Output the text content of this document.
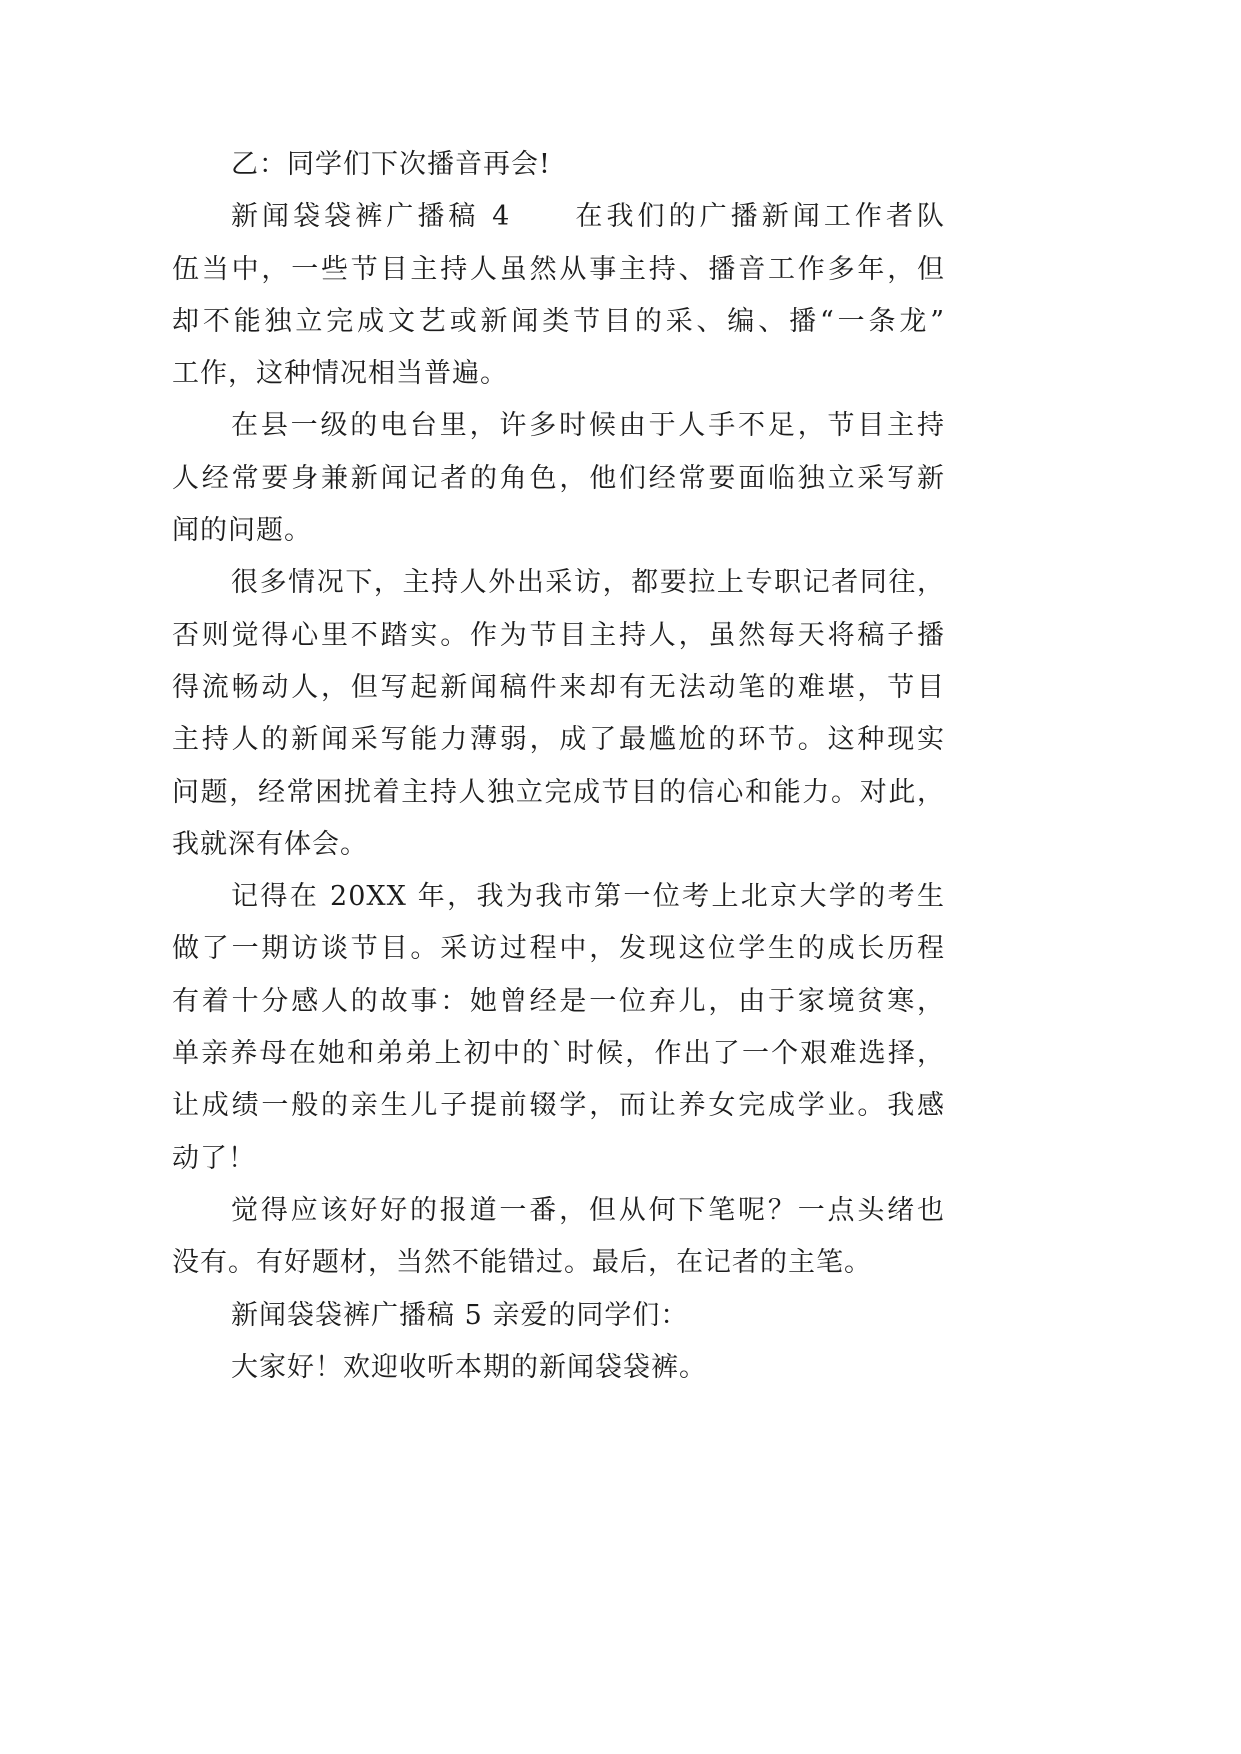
乙：同学们下次播音再会!
新闻袋袋裤广播稿 4　　在我们的广播新闻工作者队
伍当中，一些节目主持人虽然从事主持、播音工作多年，但
却不能独立完成文艺或新闻类节目的采、编、播“一条龙”
工作，这种情况相当普遍。
在县一级的电台里，许多时候由于人手不足，节目主持
人经常要身兼新闻记者的角色，他们经常要面临独立采写新
闻的问题。
很多情况下，主持人外出采访，都要拉上专职记者同往，
否则觉得心里不踏实。作为节目主持人，虽然每天将稿子播
得流畅动人，但写起新闻稿件来却有无法动笔的难堪，节目
主持人的新闻采写能力薄弱，成了最尴尬的环节。这种现实
问题，经常困扰着主持人独立完成节目的信心和能力。对此，
我就深有体会。
记得在 20XX 年，我为我市第一位考上北京大学的考生
做了一期访谈节目。采访过程中，发现这位学生的成长历程
有着十分感人的故事：她曾经是一位弃儿，由于家境贫寒，
单亲养母在她和弟弟上初中的`时候，作出了一个艰难选择，
让成绩一般的亲生儿子提前辍学，而让养女完成学业。我感
动了！
觉得应该好好的报道一番，但从何下笔呢？一点头绪也
没有。有好题材，当然不能错过。最后，在记者的主笔。
新闻袋袋裤广播稿 5 亲爱的同学们：
大家好！欢迎收听本期的新闻袋袋裤。
